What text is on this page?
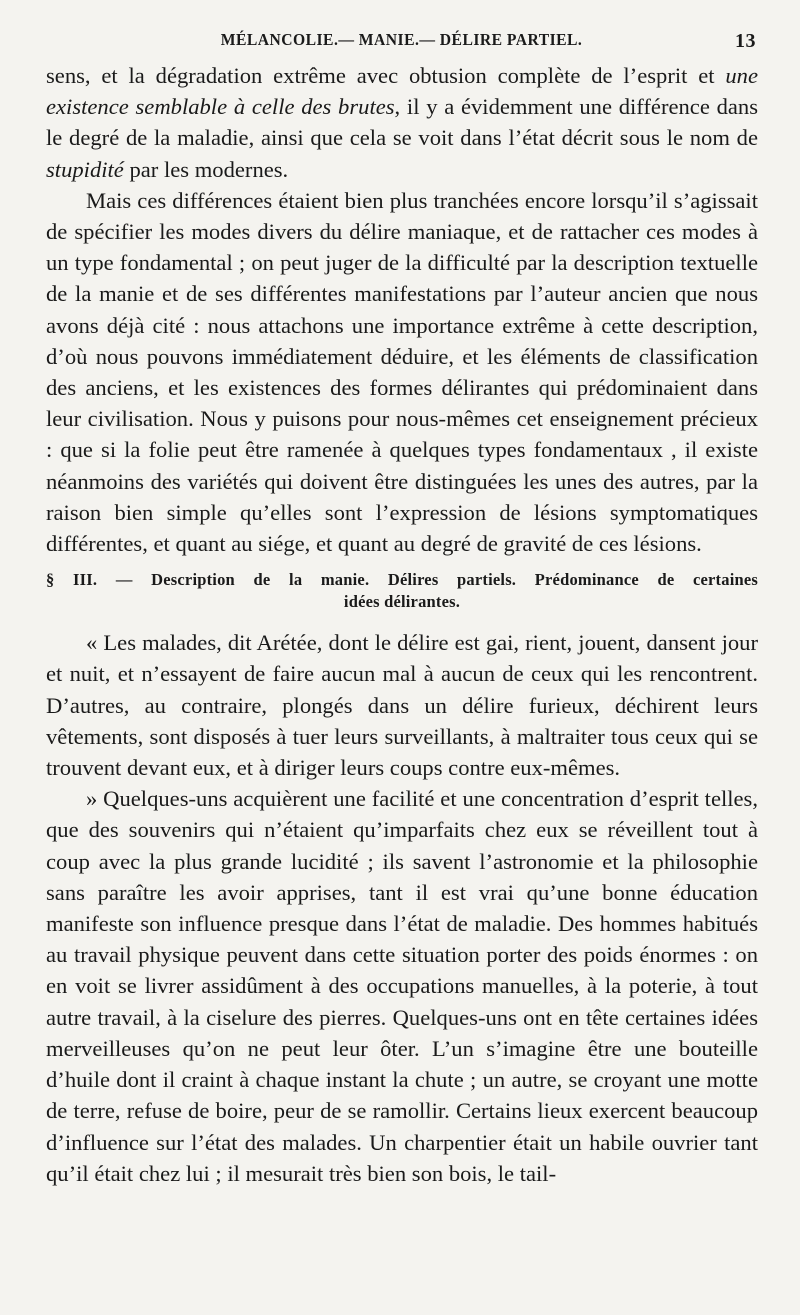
MÉLANCOLIE.— MANIE.— DÉLIRE PARTIEL.	13

sens, et la dégradation extrême avec obtusion complète de l’esprit et une existence semblable à celle des brutes, il y a évidemment une différence dans le degré de la maladie, ainsi que cela se voit dans l’état décrit sous le nom de stupidité par les modernes.

Mais ces différences étaient bien plus tranchées encore lorsqu’il s’agissait de spécifier les modes divers du délire maniaque, et de rattacher ces modes à un type fondamental ; on peut juger de la difficulté par la description textuelle de la manie et de ses différentes manifestations par l’auteur ancien que nous avons déjà cité : nous attachons une importance extrême à cette description, d’où nous pouvons immédiatement déduire, et les éléments de classification des anciens, et les existences des formes délirantes qui prédominaient dans leur civilisation. Nous y puisons pour nous-mêmes cet enseignement précieux : que si la folie peut être ramenée à quelques types fondamentaux , il existe néanmoins des variétés qui doivent être distinguées les unes des autres, par la raison bien simple qu’elles sont l’expression de lésions symptomatiques différentes, et quant au siége, et quant au degré de gravité de ces lésions.

§ III. — Description de la manie. Délires partiels. Prédominance de certaines
idées délirantes.

« Les malades, dit Arétée, dont le délire est gai, rient, jouent, dansent jour et nuit, et n’essayent de faire aucun mal à aucun de ceux qui les rencontrent. D’autres, au contraire, plongés dans un délire furieux, déchirent leurs vêtements, sont disposés à tuer leurs surveillants, à maltraiter tous ceux qui se trouvent devant eux, et à diriger leurs coups contre eux-mêmes.

» Quelques-uns acquièrent une facilité et une concentration d’esprit telles, que des souvenirs qui n’étaient qu’imparfaits chez eux se réveillent tout à coup avec la plus grande lucidité ; ils savent l’astronomie et la philosophie sans paraître les avoir apprises, tant il est vrai qu’une bonne éducation manifeste son influence presque dans l’état de maladie. Des hommes habitués au travail physique peuvent dans cette situation porter des poids énormes : on en voit se livrer assidûment à des occupations manuelles, à la poterie, à tout autre travail, à la ciselure des pierres. Quelques-uns ont en tête certaines idées merveilleuses qu’on ne peut leur ôter. L’un s’imagine être une bouteille d’huile dont il craint à chaque instant la chute ; un autre, se croyant une motte de terre, refuse de boire, peur de se ramollir. Certains lieux exercent beaucoup d’influence sur l’état des malades. Un charpentier était un habile ouvrier tant qu’il était chez lui ; il mesurait très bien son bois, le tail-
